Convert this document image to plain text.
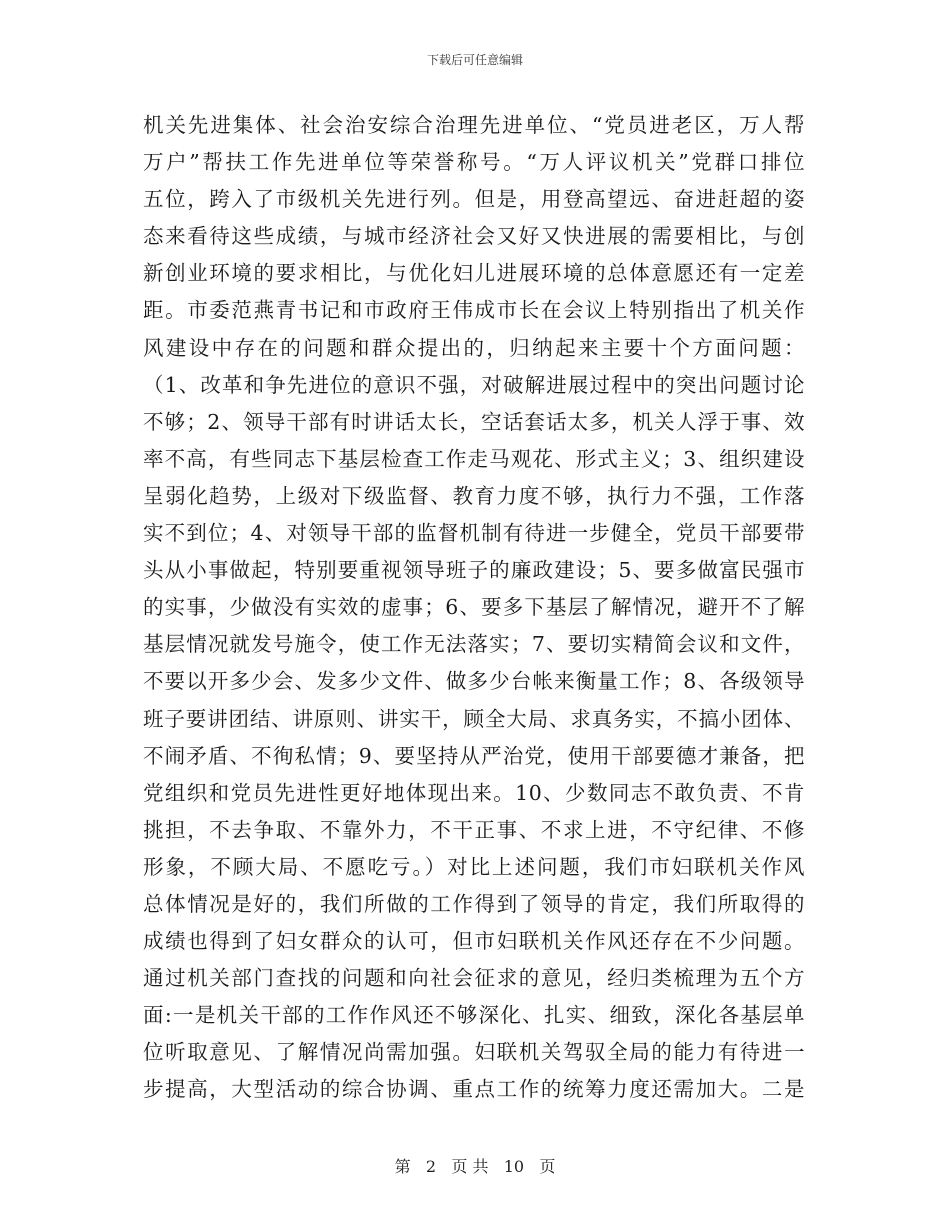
下载后可任意编辑
机关先进集体、社会治安综合治理先进单位、“党员进老区，万人帮
万户”帮扶工作先进单位等荣誉称号。“万人评议机关”党群口排位
五位，跨入了市级机关先进行列。但是，用登高望远、奋进赶超的姿
态来看待这些成绩，与城市经济社会又好又快进展的需要相比，与创
新创业环境的要求相比，与优化妇儿进展环境的总体意愿还有一定差
距。市委范燕青书记和市政府王伟成市长在会议上特别指出了机关作
风建设中存在的问题和群众提出的，归纳起来主要十个方面问题：
（1、改革和争先进位的意识不强，对破解进展过程中的突出问题讨论
不够；2、领导干部有时讲话太长，空话套话太多，机关人浮于事、效
率不高，有些同志下基层检查工作走马观花、形式主义；3、组织建设
呈弱化趋势，上级对下级监督、教育力度不够，执行力不强，工作落
实不到位；4、对领导干部的监督机制有待进一步健全，党员干部要带
头从小事做起，特别要重视领导班子的廉政建设；5、要多做富民强市
的实事，少做没有实效的虚事；6、要多下基层了解情况，避开不了解
基层情况就发号施令，使工作无法落实；7、要切实精简会议和文件，
不要以开多少会、发多少文件、做多少台帐来衡量工作；8、各级领导
班子要讲团结、讲原则、讲实干，顾全大局、求真务实，不搞小团体、
不闹矛盾、不徇私情；9、要坚持从严治党，使用干部要德才兼备，把
党组织和党员先进性更好地体现出来。10、少数同志不敢负责、不肯
挑担，不去争取、不靠外力，不干正事、不求上进，不守纪律、不修
形象，不顾大局、不愿吃亏。）对比上述问题，我们市妇联机关作风
总体情况是好的，我们所做的工作得到了领导的肯定，我们所取得的
成绩也得到了妇女群众的认可，但市妇联机关作风还存在不少问题。
通过机关部门查找的问题和向社会征求的意见，经归类梳理为五个方
面:一是机关干部的工作作风还不够深化、扎实、细致，深化各基层单
位听取意见、了解情况尚需加强。妇联机关驾驭全局的能力有待进一
步提高，大型活动的综合协调、重点工作的统筹力度还需加大。二是
第 2 页 共 10 页
